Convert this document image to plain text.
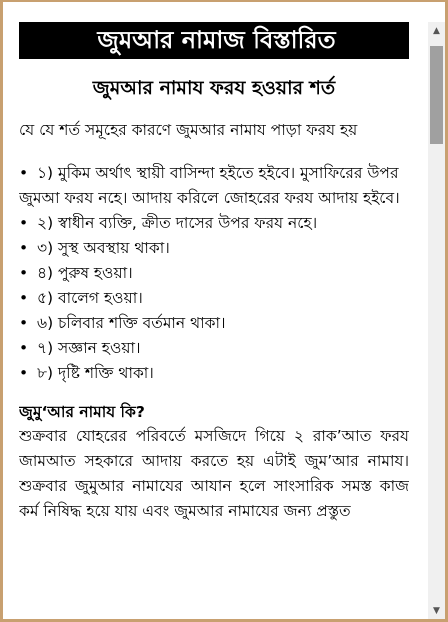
জুমআর নামাজ বিস্তারিত
জুমআর নামায ফরয হওয়ার শর্ত

যে যে শর্ত সমূহের কারণে জুমআর নামায পাড়া ফরয হয়

• ১) মুকিম অর্থাৎ স্থায়ী বাসিন্দা হইতে হইবে। মুসাফিরের উপর জুমআ ফরয নহে। আদায় করিলে জোহরের ফরয আদায় হইবে।
• ২) স্বাধীন ব্যক্তি, ক্রীত দাসের উপর ফরয নহে।
• ৩) সুস্থ অবস্থায় থাকা।
• ৪) পুরুষ হওয়া।
• ৫) বালেগ হওয়া।
• ৬) চলিবার শক্তি বর্তমান থাকা।
• ৭) সজ্ঞান হওয়া।
• ৮) দৃষ্টি শক্তি থাকা।
জুমু‘আর নামায কি?

শুক্রবার যোহরের পরিবর্তে মসজিদে গিয়ে ২ রাক’আত ফরয জামআত সহকারে আদায় করতে হয় এটাই জুম’আর নামায। শুক্রবার জুমুআর নামাযের আযান হলে সাংসারিক সমস্ত কাজ কর্ম নিষিদ্ধ হয়ে যায় এবং জুমআর নামাযের জন্য প্রস্তুত

▲
▼
